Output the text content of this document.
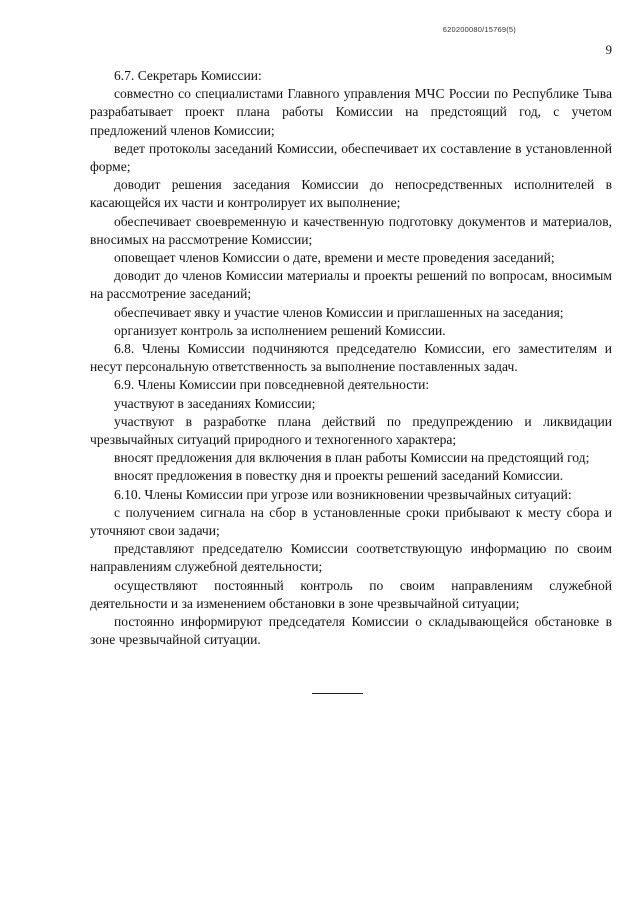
620200080/15769(5)
9

6.7. Секретарь Комиссии:

совместно со специалистами Главного управления МЧС России по Республике Тыва разрабатывает проект плана работы Комиссии на предстоящий год, с учетом предложений членов Комиссии;

ведет протоколы заседаний Комиссии, обеспечивает их составление в установленной форме;

доводит решения заседания Комиссии до непосредственных исполнителей в касающейся их части и контролирует их выполнение;

обеспечивает своевременную и качественную подготовку документов и материалов, вносимых на рассмотрение Комиссии;

оповещает членов Комиссии о дате, времени и месте проведения заседаний;

доводит до членов Комиссии материалы и проекты решений по вопросам, вносимым на рассмотрение заседаний;

обеспечивает явку и участие членов Комиссии и приглашенных на заседания;

организует контроль за исполнением решений Комиссии.

6.8. Члены Комиссии подчиняются председателю Комиссии, его заместителям и несут персональную ответственность за выполнение поставленных задач.

6.9. Члены Комиссии при повседневной деятельности:

участвуют в заседаниях Комиссии;

участвуют в разработке плана действий по предупреждению и ликвидации чрезвычайных ситуаций природного и техногенного характера;

вносят предложения для включения в план работы Комиссии на предстоящий год;

вносят предложения в повестку дня и проекты решений заседаний Комиссии.

6.10. Члены Комиссии при угрозе или возникновении чрезвычайных ситуаций:

с получением сигнала на сбор в установленные сроки прибывают к месту сбора и уточняют свои задачи;

представляют председателю Комиссии соответствующую информацию по своим направлениям служебной деятельности;

осуществляют постоянный контроль по своим направлениям служебной деятельности и за изменением обстановки в зоне чрезвычайной ситуации;

постоянно информируют председателя Комиссии о складывающейся обстановке в зоне чрезвычайной ситуации.
